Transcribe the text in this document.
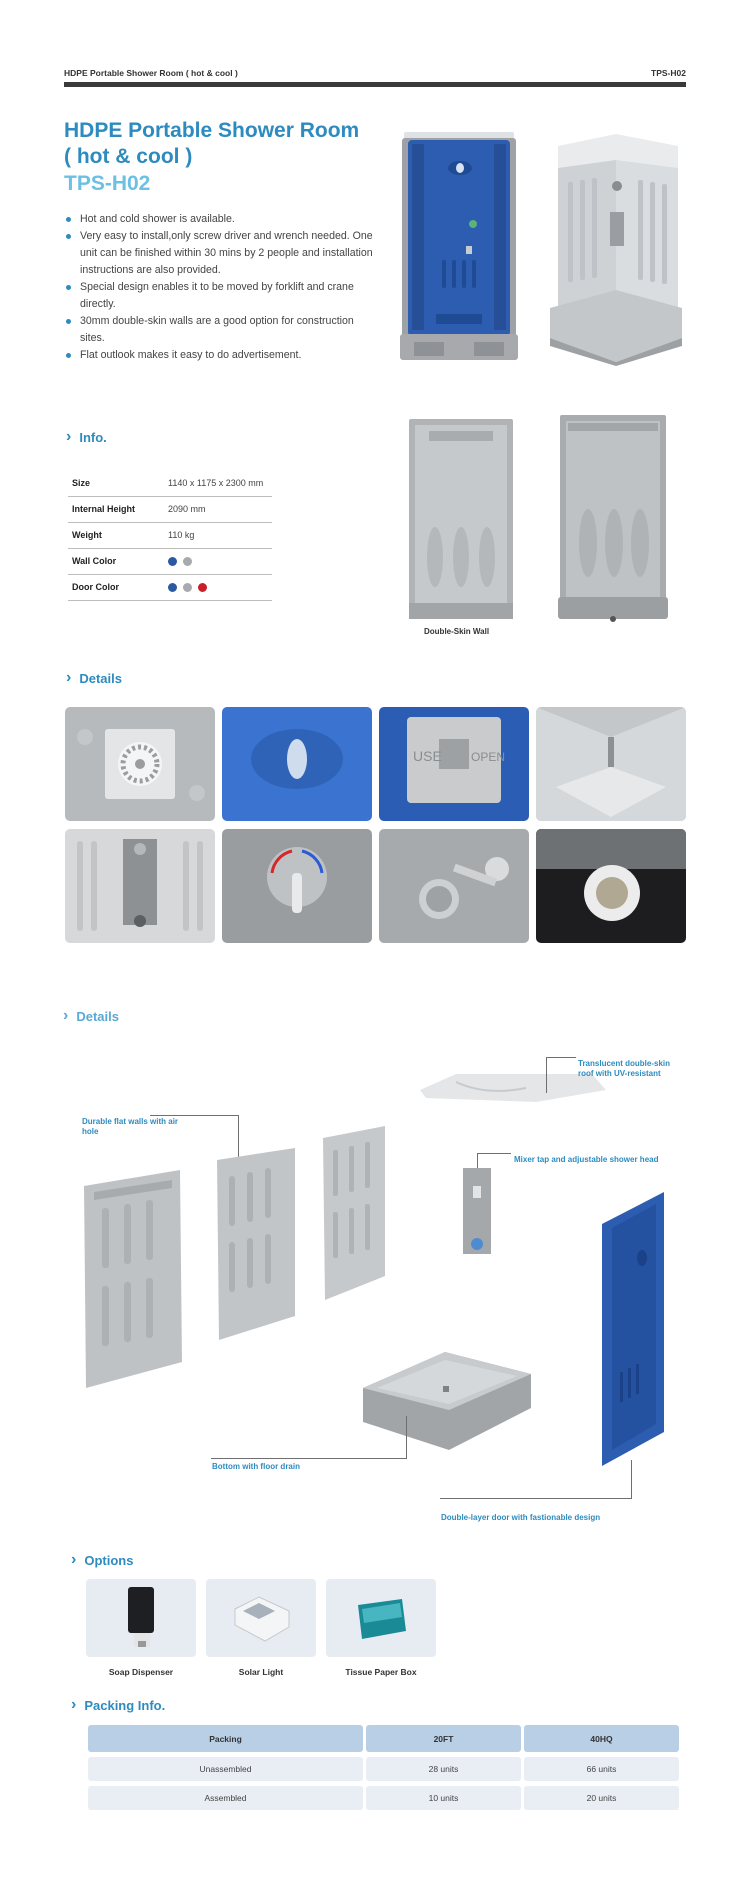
HDPE Portable Shower Room ( hot & cool )	TPS-H02
HDPE Portable Shower Room
( hot & cool )
TPS-H02
Hot and cold shower is available.
Very easy to install,only screw driver and wrench needed. One unit can be finished within 30 mins by 2 people and installation instructions are also provided.
Special design enables it to be moved by forklift and crane directly.
30mm double-skin walls are a good option for construction sites.
Flat outlook makes it easy to do advertisement.
› Info.
Size	1140 x 1175 x 2300 mm
Internal Height	2090 mm
Weight	110 kg
Wall Color	
Door Color	
Double-Skin Wall
› Details
USE OPEN
› Details
Translucent double-skin roof with UV-resistant
Durable flat walls with air hole
Mixer tap and adjustable shower head
Bottom with floor drain
Double-layer door with fastionable design
› Options
Soap Dispenser	Solar Light	Tissue Paper Box
› Packing Info.
Packing	20FT	40HQ
Unassembled	28 units	66 units
Assembled	10 units	20 units
